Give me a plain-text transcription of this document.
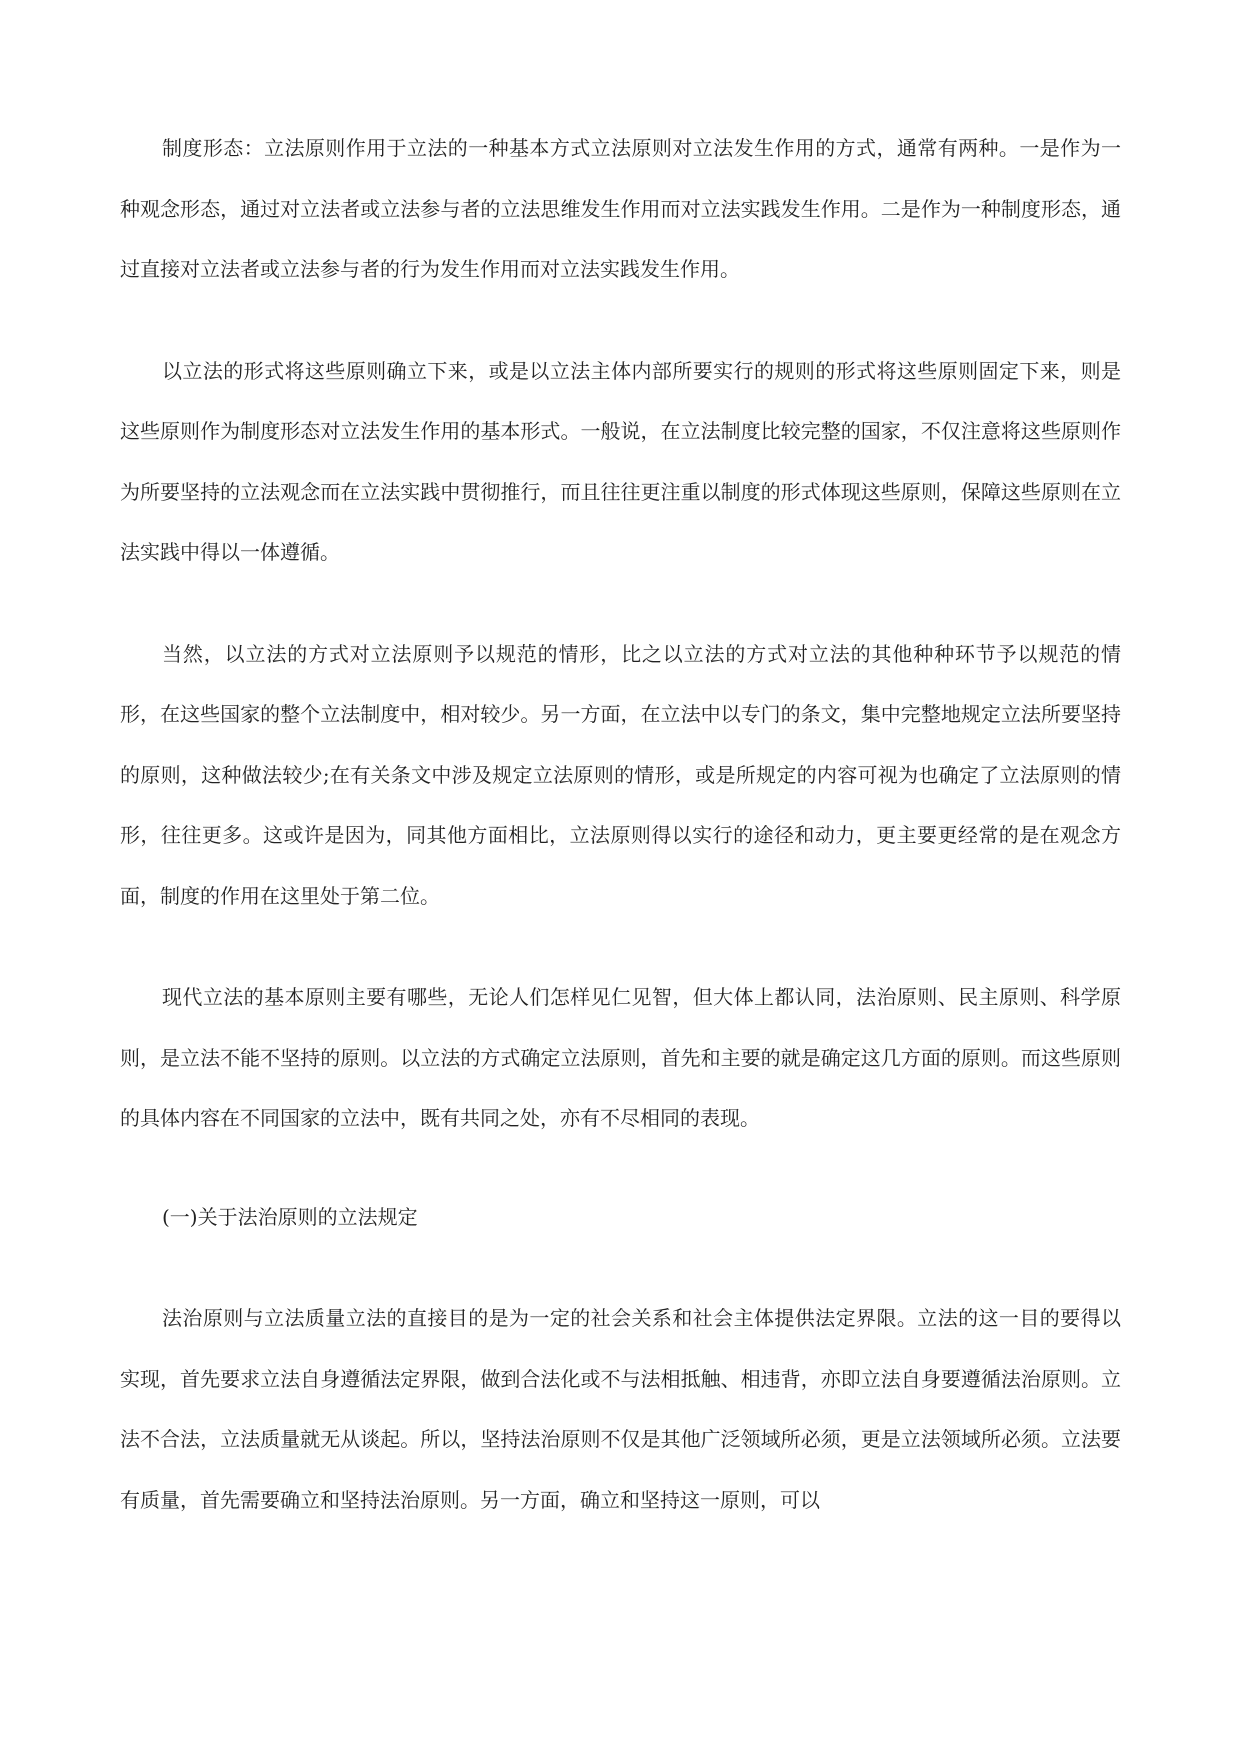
制度形态：立法原则作用于立法的一种基本方式立法原则对立法发生作用的方式，通常有两种。一是作为一种观念形态，通过对立法者或立法参与者的立法思维发生作用而对立法实践发生作用。二是作为一种制度形态，通过直接对立法者或立法参与者的行为发生作用而对立法实践发生作用。

以立法的形式将这些原则确立下来，或是以立法主体内部所要实行的规则的形式将这些原则固定下来，则是这些原则作为制度形态对立法发生作用的基本形式。一般说，在立法制度比较完整的国家，不仅注意将这些原则作为所要坚持的立法观念而在立法实践中贯彻推行，而且往往更注重以制度的形式体现这些原则，保障这些原则在立法实践中得以一体遵循。

当然，以立法的方式对立法原则予以规范的情形，比之以立法的方式对立法的其他种种环节予以规范的情形，在这些国家的整个立法制度中，相对较少。另一方面，在立法中以专门的条文，集中完整地规定立法所要坚持的原则，这种做法较少;在有关条文中涉及规定立法原则的情形，或是所规定的内容可视为也确定了立法原则的情形，往往更多。这或许是因为，同其他方面相比，立法原则得以实行的途径和动力，更主要更经常的是在观念方面，制度的作用在这里处于第二位。

现代立法的基本原则主要有哪些，无论人们怎样见仁见智，但大体上都认同，法治原则、民主原则、科学原则，是立法不能不坚持的原则。以立法的方式确定立法原则，首先和主要的就是确定这几方面的原则。而这些原则的具体内容在不同国家的立法中，既有共同之处，亦有不尽相同的表现。

(一)关于法治原则的立法规定

法治原则与立法质量立法的直接目的是为一定的社会关系和社会主体提供法定界限。立法的这一目的要得以实现，首先要求立法自身遵循法定界限，做到合法化或不与法相抵触、相违背，亦即立法自身要遵循法治原则。立法不合法，立法质量就无从谈起。所以，坚持法治原则不仅是其他广泛领域所必须，更是立法领域所必须。立法要有质量，首先需要确立和坚持法治原则。另一方面，确立和坚持这一原则，可以
